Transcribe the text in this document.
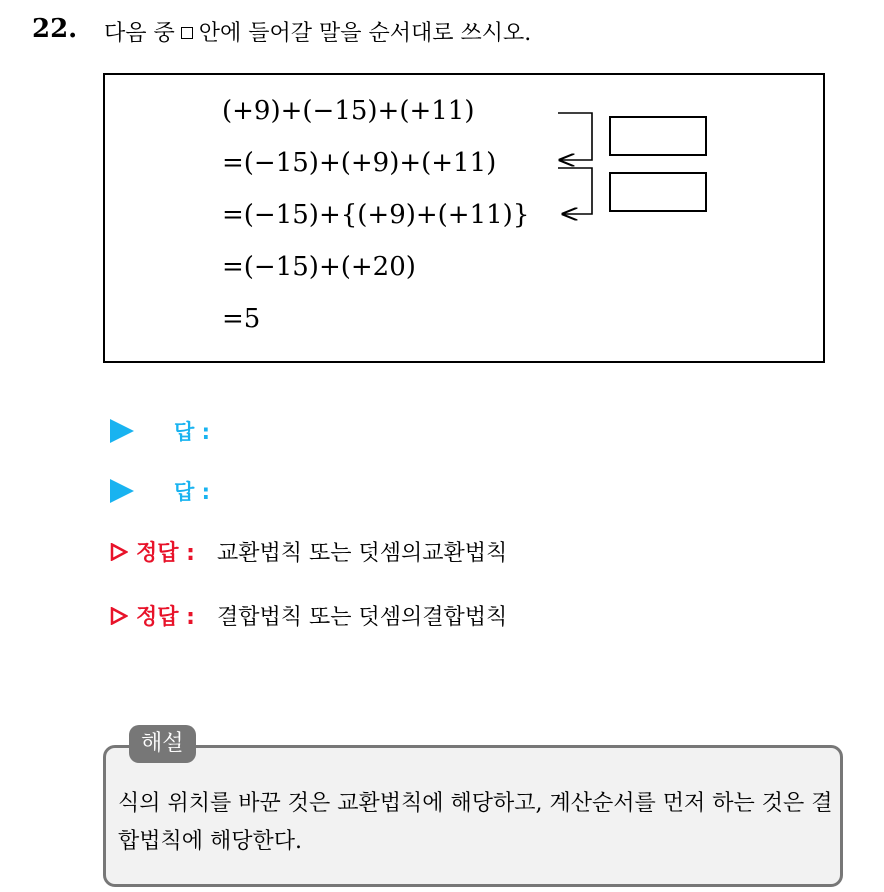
22. 다음 중 안에 들어갈 말을 순서대로 쓰시오.
(+9)+(−15)+(+11)
=(−15)+(+9)+(+11)
=(−15)+{(+9)+(+11)}
=(−15)+(+20)
=5
답 :
답 :
정답 : 교환법칙 또는 덧셈의교환법칙
정답 : 결합법칙 또는 덧셈의결합법칙
해설
식의 위치를 바꾼 것은 교환법칙에 해당하고, 계산순서를 먼저 하는 것은 결합법칙에 해당한다.
